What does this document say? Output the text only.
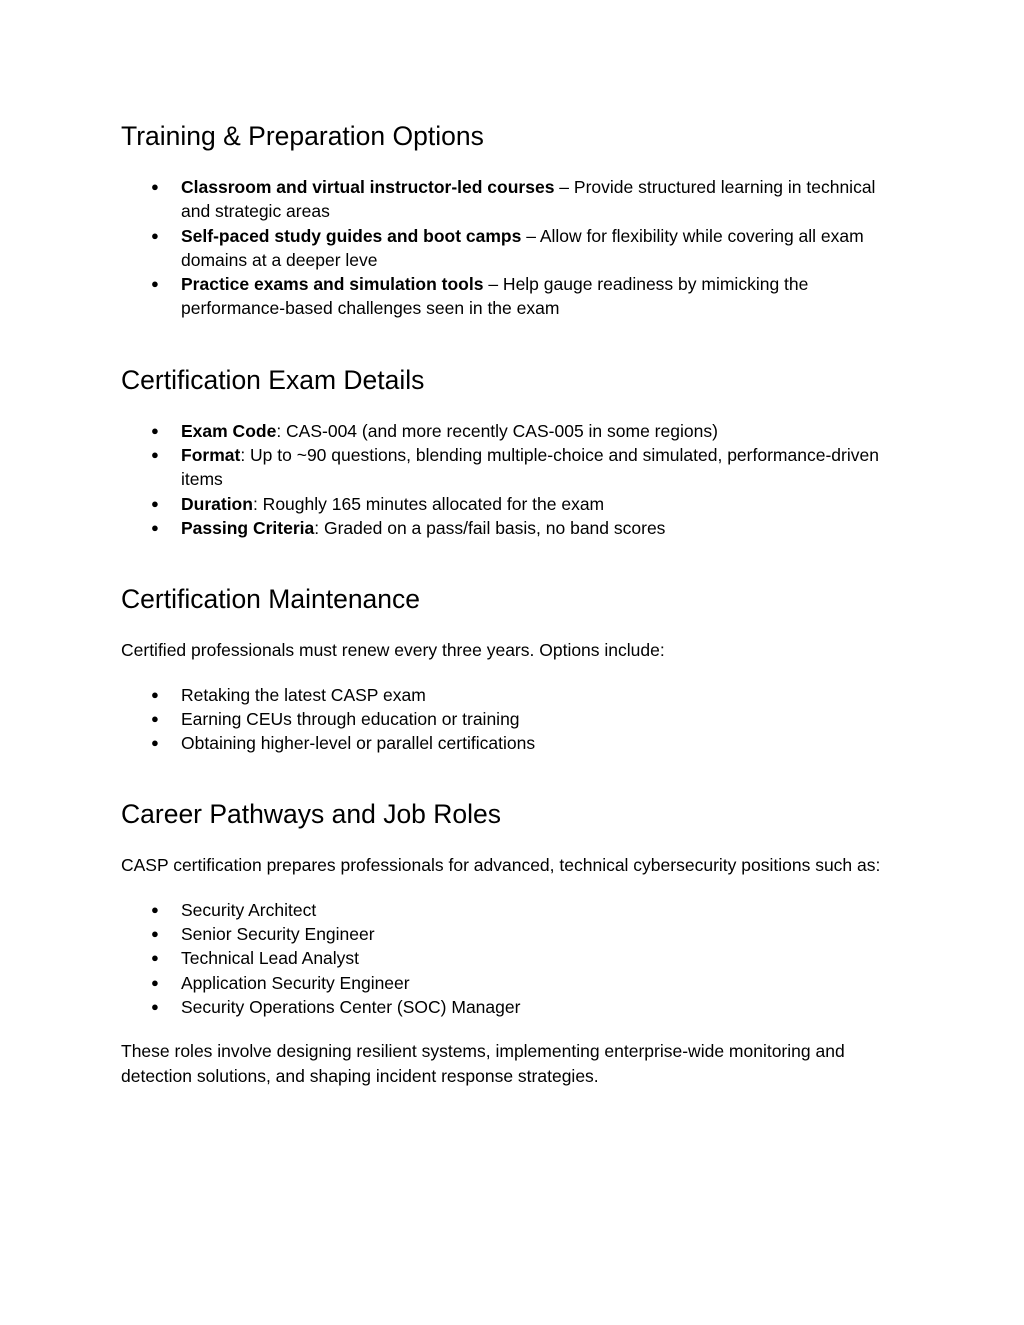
Training & Preparation Options
● Classroom and virtual instructor-led courses – Provide structured learning in technical and strategic areas
● Self-paced study guides and boot camps – Allow for flexibility while covering all exam domains at a deeper leve
● Practice exams and simulation tools – Help gauge readiness by mimicking the performance-based challenges seen in the exam
Certification Exam Details
● Exam Code: CAS‑004 (and more recently CAS‑005 in some regions)
● Format: Up to ~90 questions, blending multiple-choice and simulated, performance-driven items
● Duration: Roughly 165 minutes allocated for the exam
● Passing Criteria: Graded on a pass/fail basis, no band scores
Certification Maintenance

Certified professionals must renew every three years. Options include:

● Retaking the latest CASP exam
● Earning CEUs through education or training
● Obtaining higher-level or parallel certifications
Career Pathways and Job Roles

CASP certification prepares professionals for advanced, technical cybersecurity positions such as:

● Security Architect
● Senior Security Engineer
● Technical Lead Analyst
● Application Security Engineer
● Security Operations Center (SOC) Manager

These roles involve designing resilient systems, implementing enterprise-wide monitoring and detection solutions, and shaping incident response strategies.
